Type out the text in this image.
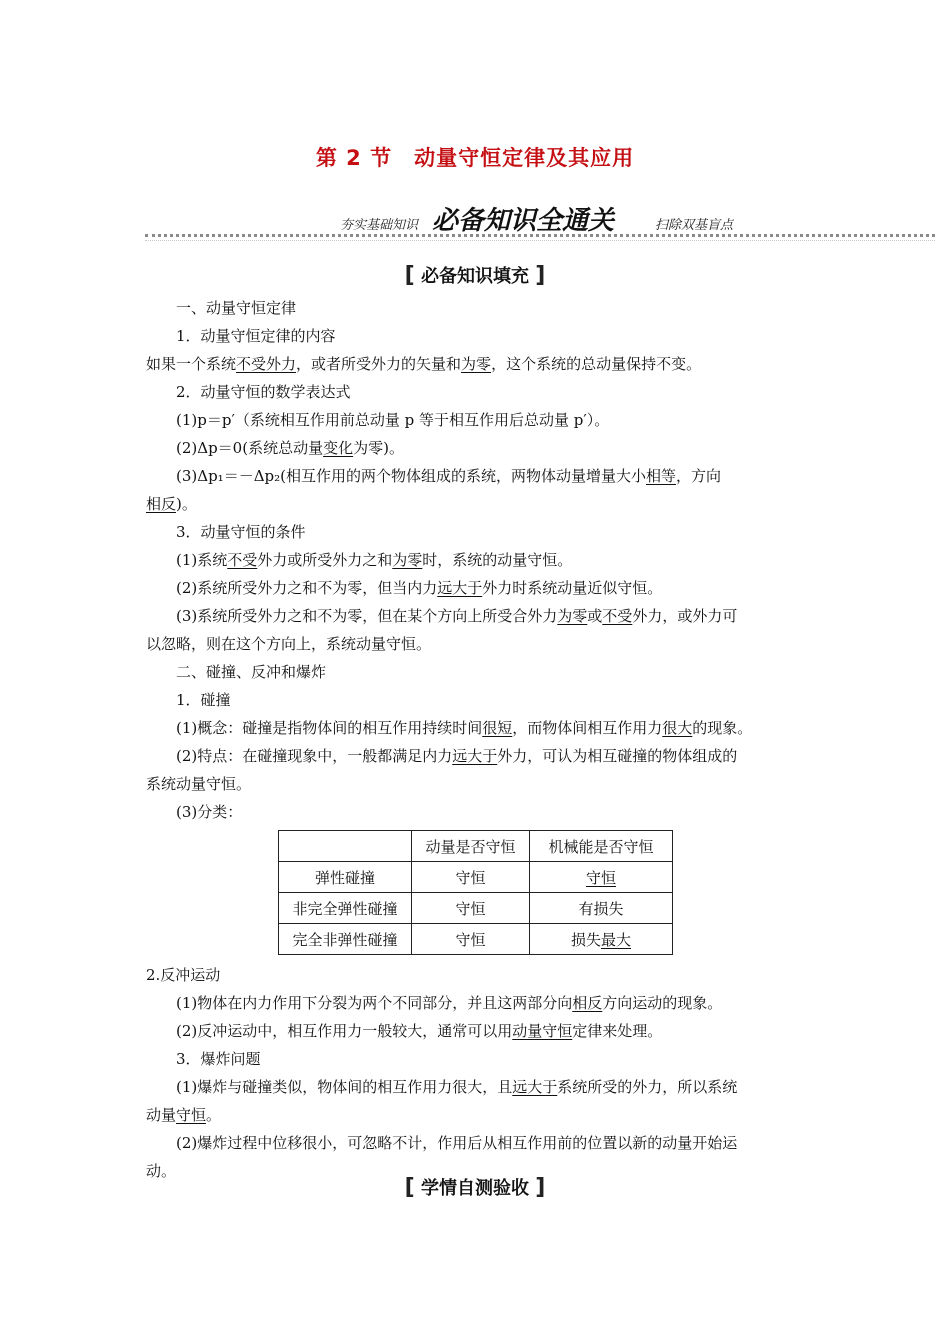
第 2 节　动量守恒定律及其应用
夯实基础知识 必备知识全通关	扫除双基盲点
[ 必备知识填充 ]
一、动量守恒定律
1．动量守恒定律的内容
如果一个系统不受外力，或者所受外力的矢量和为零，这个系统的总动量保持不变。
2．动量守恒的数学表达式
(1)p＝p′（系统相互作用前总动量 p 等于相互作用后总动量 p′）。
(2)Δp＝0(系统总动量变化为零)。
(3)Δp₁＝－Δp₂(相互作用的两个物体组成的系统，两物体动量增量大小相等，方向
相反)。
3．动量守恒的条件
(1)系统不受外力或所受外力之和为零时，系统的动量守恒。
(2)系统所受外力之和不为零，但当内力远大于外力时系统动量近似守恒。
(3)系统所受外力之和不为零，但在某个方向上所受合外力为零或不受外力，或外力可
以忽略，则在这个方向上，系统动量守恒。
二、碰撞、反冲和爆炸
1．碰撞
(1)概念：碰撞是指物体间的相互作用持续时间很短，而物体间相互作用力很大的现象。
(2)特点：在碰撞现象中，一般都满足内力远大于外力，可认为相互碰撞的物体组成的
系统动量守恒。
(3)分类：
	动量是否守恒	机械能是否守恒
弹性碰撞	守恒	守恒
非完全弹性碰撞	守恒	有损失
完全非弹性碰撞	守恒	损失最大
2.反冲运动
(1)物体在内力作用下分裂为两个不同部分，并且这两部分向相反方向运动的现象。
(2)反冲运动中，相互作用力一般较大，通常可以用动量守恒定律来处理。
3．爆炸问题
(1)爆炸与碰撞类似，物体间的相互作用力很大，且远大于系统所受的外力，所以系统
动量守恒。
(2)爆炸过程中位移很小，可忽略不计，作用后从相互作用前的位置以新的动量开始运
动。
[ 学情自测验收 ]
